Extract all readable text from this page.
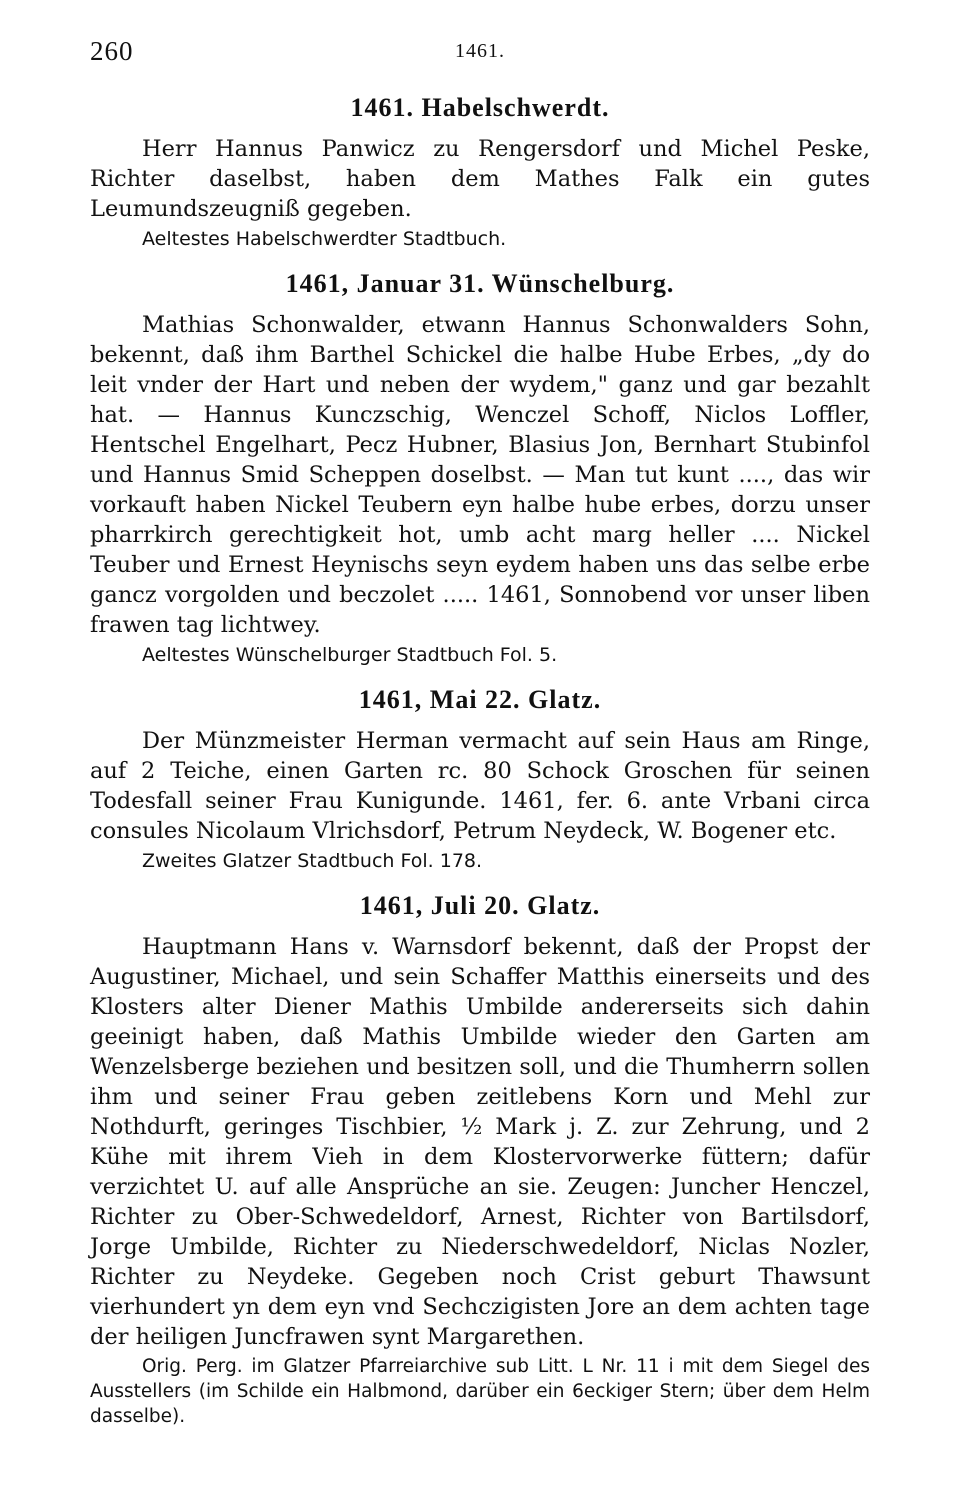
260	1461.
1461. Habelschwerdt.

Herr Hannus Panwicz zu Rengersdorf und Michel Peske, Richter daselbst, haben dem Mathes Falk ein gutes Leumundszeugniß gegeben.

Aeltestes Habelschwerdter Stadtbuch.

1461, Januar 31. Wünschelburg.

Mathias Schonwalder, etwann Hannus Schonwalders Sohn, bekennt, daß ihm Barthel Schickel die halbe Hube Erbes, „dy do leit vnder der Hart und neben der wydem," ganz und gar bezahlt hat. — Hannus Kunczschig, Wenczel Schoff, Niclos Loffler, Hentschel Engelhart, Pecz Hubner, Blasius Jon, Bernhart Stubinfol und Hannus Smid Scheppen doselbst. — Man tut kunt ...., das wir vorkauft haben Nickel Teubern eyn halbe hube erbes, dorzu unser pharrkirch gerechtigkeit hot, umb acht marg heller .... Nickel Teuber und Ernest Heynischs seyn eydem haben uns das selbe erbe gancz vorgolden und beczolet ..... 1461, Sonnobend vor unser liben frawen tag lichtwey.

Aeltestes Wünschelburger Stadtbuch Fol. 5.

1461, Mai 22. Glatz.

Der Münzmeister Herman vermacht auf sein Haus am Ringe, auf 2 Teiche, einen Garten rc. 80 Schock Groschen für seinen Todesfall seiner Frau Kunigunde. 1461, fer. 6. ante Vrbani circa consules Nicolaum Vlrichsdorf, Petrum Neydeck, W. Bogener etc.

Zweites Glatzer Stadtbuch Fol. 178.

1461, Juli 20. Glatz.

Hauptmann Hans v. Warnsdorf bekennt, daß der Propst der Augustiner, Michael, und sein Schaffer Matthis einerseits und des Klosters alter Diener Mathis Umbilde andererseits sich dahin geeinigt haben, daß Mathis Umbilde wieder den Garten am Wenzelsberge beziehen und besitzen soll, und die Thumherrn sollen ihm und seiner Frau geben zeitlebens Korn und Mehl zur Nothdurft, geringes Tischbier, ½ Mark j. Z. zur Zehrung, und 2 Kühe mit ihrem Vieh in dem Klostervorwerke füttern; dafür verzichtet U. auf alle Ansprüche an sie. Zeugen: Juncher Henczel, Richter zu Ober-Schwedeldorf, Arnest, Richter von Bartilsdorf, Jorge Umbilde, Richter zu Niederschwedeldorf, Niclas Nozler, Richter zu Neydeke. Gegeben noch Crist geburt Thawsunt vierhundert yn dem eyn vnd Sechczigisten Jore an dem achten tage der heiligen Juncfrawen synt Margarethen.

Orig. Perg. im Glatzer Pfarreiarchive sub Litt. L Nr. 11 i mit dem Siegel des Ausstellers (im Schilde ein Halbmond, darüber ein 6eckiger Stern; über dem Helm dasselbe).
